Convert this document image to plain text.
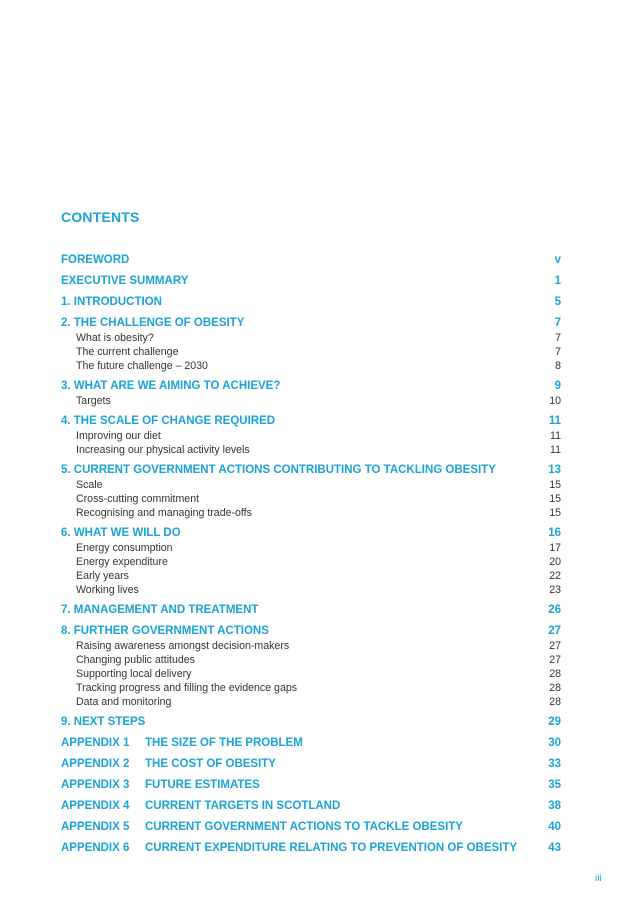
CONTENTS
FOREWORD	v
EXECUTIVE SUMMARY	1
1. INTRODUCTION	5
2. THE CHALLENGE OF OBESITY	7
What is obesity?	7
The current challenge	7
The future challenge – 2030	8
3. WHAT ARE WE AIMING TO ACHIEVE?	9
Targets	10
4. THE SCALE OF CHANGE REQUIRED	11
Improving our diet	11
Increasing our physical activity levels	11
5. CURRENT GOVERNMENT ACTIONS CONTRIBUTING TO TACKLING OBESITY	13
Scale	15
Cross-cutting commitment	15
Recognising and managing trade-offs	15
6. WHAT WE WILL DO	16
Energy consumption	17
Energy expenditure	20
Early years	22
Working lives	23
7. MANAGEMENT AND TREATMENT	26
8. FURTHER GOVERNMENT ACTIONS	27
Raising awareness amongst decision-makers	27
Changing public attitudes	27
Supporting local delivery	28
Tracking progress and filling the evidence gaps	28
Data and monitoring	28
9. NEXT STEPS	29
APPENDIX 1	THE SIZE OF THE PROBLEM	30
APPENDIX 2	THE COST OF OBESITY	33
APPENDIX 3	FUTURE ESTIMATES	35
APPENDIX 4	CURRENT TARGETS IN SCOTLAND	38
APPENDIX 5	CURRENT GOVERNMENT ACTIONS TO TACKLE OBESITY	40
APPENDIX 6	CURRENT EXPENDITURE RELATING TO PREVENTION OF OBESITY	43
iii
